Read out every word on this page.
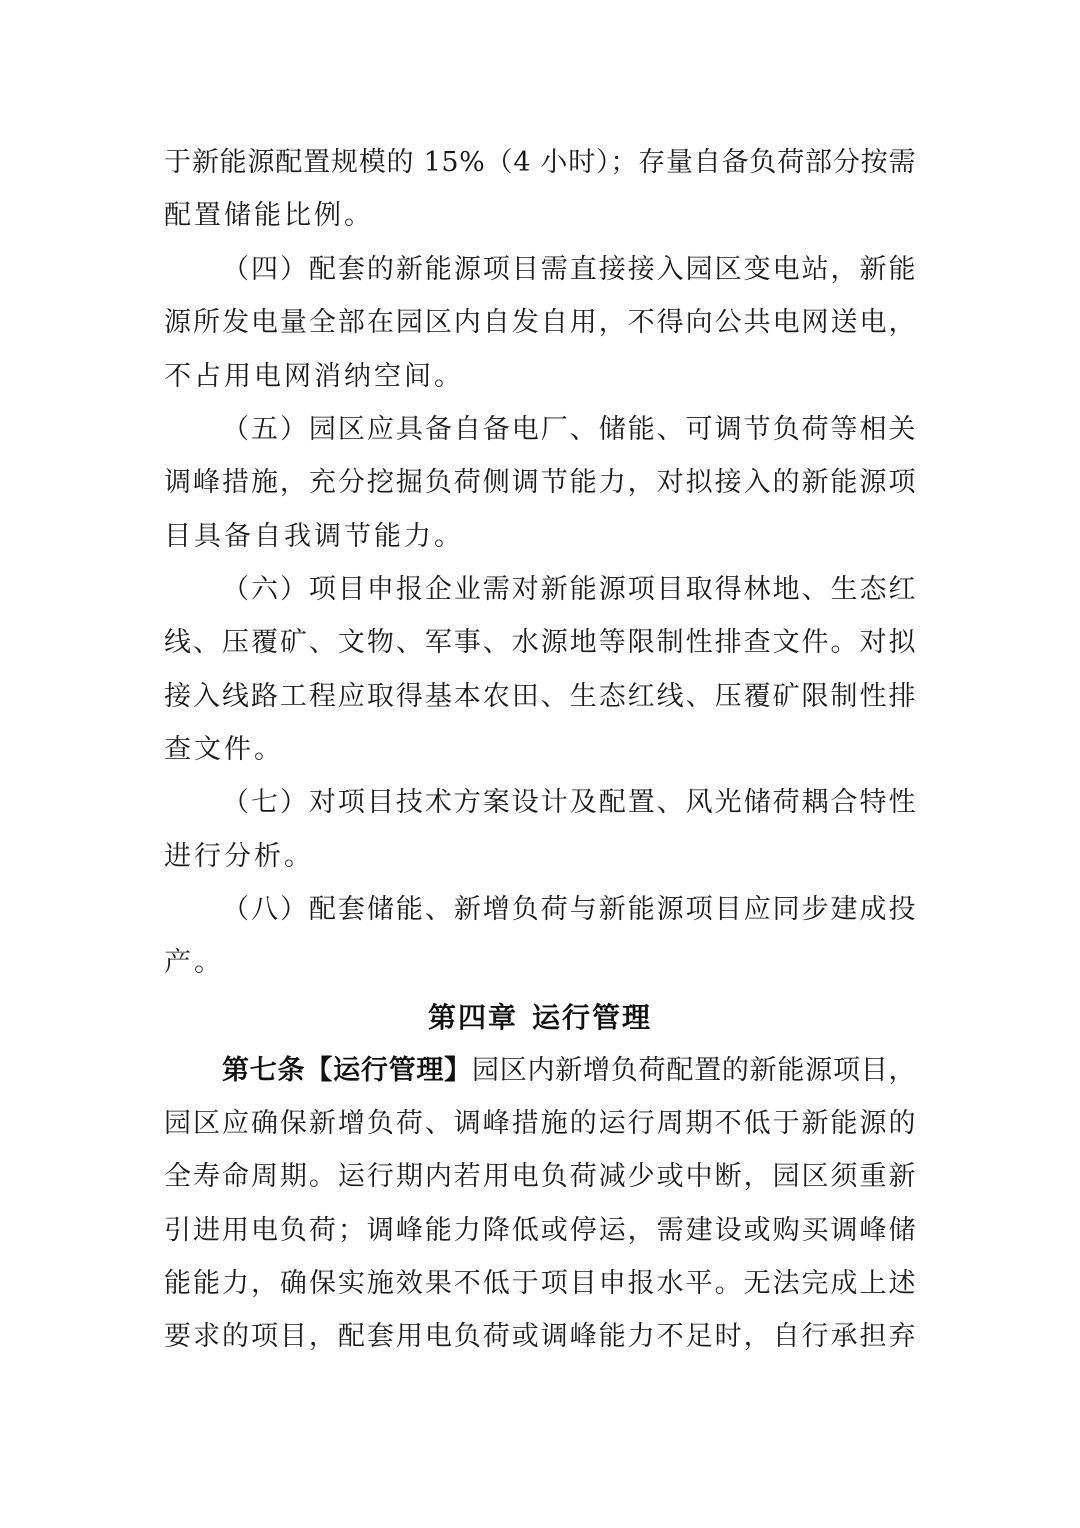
于新能源配置规模的 15%（4 小时）；存量自备负荷部分按需
配置储能比例。
（四）配套的新能源项目需直接接入园区变电站，新能
源所发电量全部在园区内自发自用，不得向公共电网送电，
不占用电网消纳空间。
（五）园区应具备自备电厂、储能、可调节负荷等相关
调峰措施，充分挖掘负荷侧调节能力，对拟接入的新能源项
目具备自我调节能力。
（六）项目申报企业需对新能源项目取得林地、生态红
线、压覆矿、文物、军事、水源地等限制性排查文件。对拟
接入线路工程应取得基本农田、生态红线、压覆矿限制性排
查文件。
（七）对项目技术方案设计及配置、风光储荷耦合特性
进行分析。
（八）配套储能、新增负荷与新能源项目应同步建成投
产。
第四章 运行管理
第七条【运行管理】园区内新增负荷配置的新能源项目，
园区应确保新增负荷、调峰措施的运行周期不低于新能源的
全寿命周期。运行期内若用电负荷减少或中断，园区须重新
引进用电负荷；调峰能力降低或停运，需建设或购买调峰储
能能力，确保实施效果不低于项目申报水平。无法完成上述
要求的项目，配套用电负荷或调峰能力不足时，自行承担弃
